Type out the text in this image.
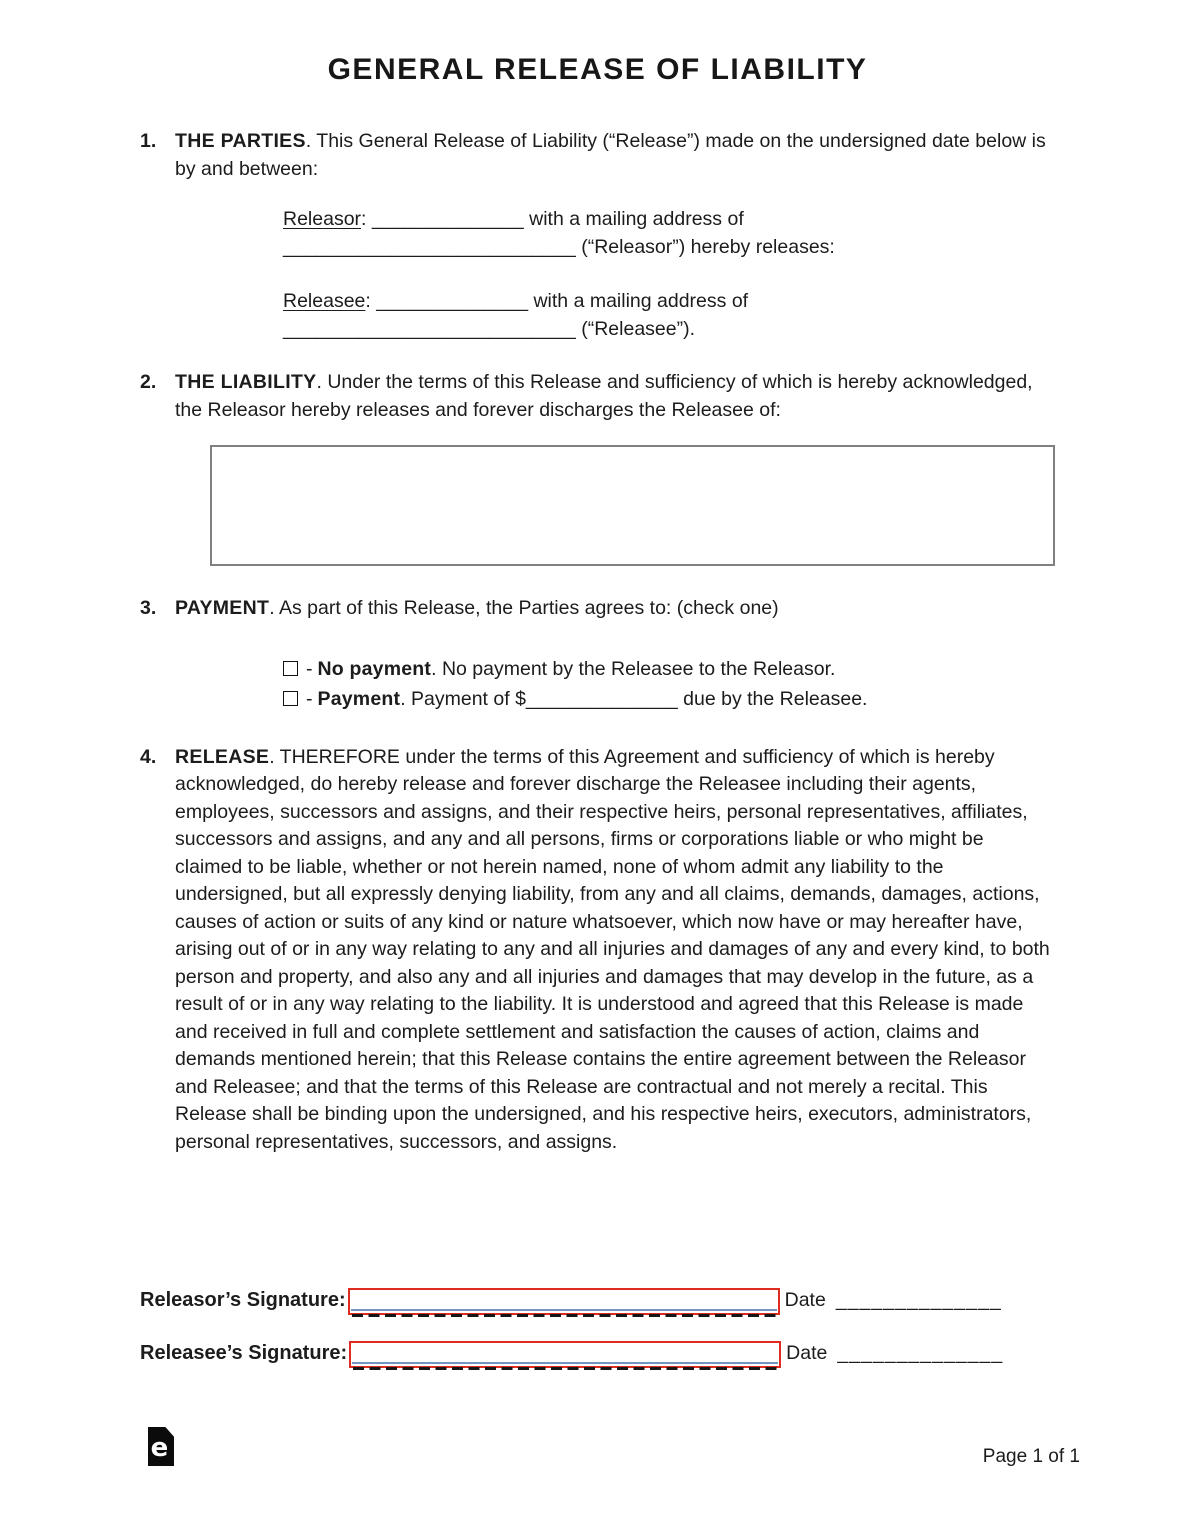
GENERAL RELEASE OF LIABILITY
1. THE PARTIES. This General Release of Liability (“Release”) made on the undersigned date below is by and between:
Releasor: ______________ with a mailing address of
___________________________ (“Releasor”) hereby releases:
Releasee: ______________ with a mailing address of
___________________________ (“Releasee”).
2. THE LIABILITY. Under the terms of this Release and sufficiency of which is hereby acknowledged, the Releasor hereby releases and forever discharges the Releasee of:
3. PAYMENT. As part of this Release, the Parties agrees to: (check one)
- No payment. No payment by the Releasee to the Releasor.
- Payment. Payment of $______________ due by the Releasee.
4. RELEASE. THEREFORE under the terms of this Agreement and sufficiency of which is hereby acknowledged, do hereby release and forever discharge the Releasee including their agents, employees, successors and assigns, and their respective heirs, personal representatives, affiliates, successors and assigns, and any and all persons, firms or corporations liable or who might be claimed to be liable, whether or not herein named, none of whom admit any liability to the undersigned, but all expressly denying liability, from any and all claims, demands, damages, actions, causes of action or suits of any kind or nature whatsoever, which now have or may hereafter have, arising out of or in any way relating to any and all injuries and damages of any and every kind, to both person and property, and also any and all injuries and damages that may develop in the future, as a result of or in any way relating to the liability. It is understood and agreed that this Release is made and received in full and complete settlement and satisfaction the causes of action, claims and demands mentioned herein; that this Release contains the entire agreement between the Releasor and Releasee; and that the terms of this Release are contractual and not merely a recital. This Release shall be binding upon the undersigned, and his respective heirs, executors, administrators, personal representatives, successors, and assigns.
Releasor’s Signature:	Date ______________
Releasee’s Signature:	Date ______________
e	Page 1 of 1
